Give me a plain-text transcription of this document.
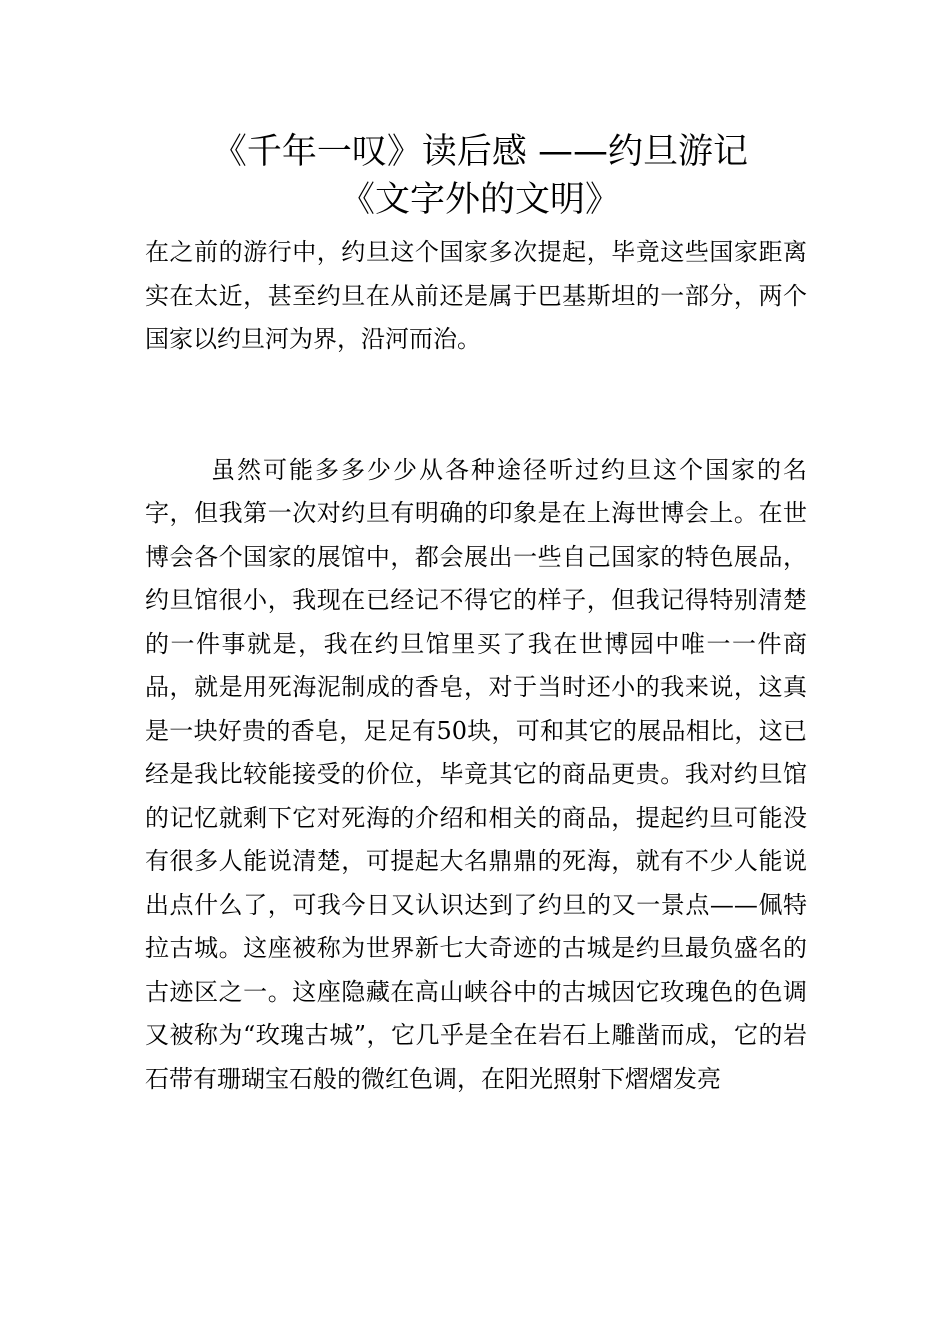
《千年一叹》读后感 ——约旦游记
《文字外的文明》

在之前的游行中，约旦这个国家多次提起，毕竟这些国家距离实在太近，甚至约旦在从前还是属于巴基斯坦的一部分，两个国家以约旦河为界，沿河而治。

虽然可能多多少少从各种途径听过约旦这个国家的名字，但我第一次对约旦有明确的印象是在上海世博会上。在世博会各个国家的展馆中，都会展出一些自己国家的特色展品，约旦馆很小，我现在已经记不得它的样子，但我记得特别清楚的一件事就是，我在约旦馆里买了我在世博园中唯一一件商品，就是用死海泥制成的香皂，对于当时还小的我来说，这真是一块好贵的香皂，足足有50块，可和其它的展品相比，这已经是我比较能接受的价位，毕竟其它的商品更贵。我对约旦馆的记忆就剩下它对死海的介绍和相关的商品，提起约旦可能没有很多人能说清楚，可提起大名鼎鼎的死海，就有不少人能说出点什么了，可我今日又认识达到了约旦的又一景点——佩特拉古城。这座被称为世界新七大奇迹的古城是约旦最负盛名的古迹区之一。这座隐藏在高山峡谷中的古城因它玫瑰色的色调又被称为“玫瑰古城”，它几乎是全在岩石上雕凿而成，它的岩石带有珊瑚宝石般的微红色调，在阳光照射下熠熠发亮
